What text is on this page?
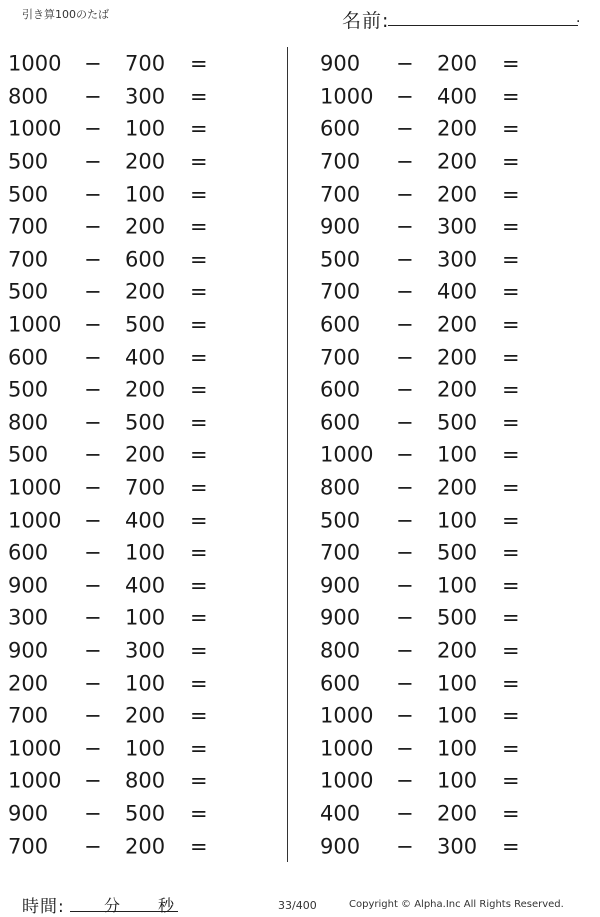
引き算100のたば	名前:	.
1000 − 700 =
800 − 300 =
1000 − 100 =
500 − 200 =
500 − 100 =
700 − 200 =
700 − 600 =
500 − 200 =
1000 − 500 =
600 − 400 =
500 − 200 =
800 − 500 =
500 − 200 =
1000 − 700 =
1000 − 400 =
600 − 100 =
900 − 400 =
300 − 100 =
900 − 300 =
200 − 100 =
700 − 200 =
1000 − 100 =
1000 − 800 =
900 − 500 =
700 − 200 =
900 − 200 =
1000 − 400 =
600 − 200 =
700 − 200 =
700 − 200 =
900 − 300 =
500 − 300 =
700 − 400 =
600 − 200 =
700 − 200 =
600 − 200 =
600 − 500 =
1000 − 100 =
800 − 200 =
500 − 100 =
700 − 500 =
900 − 100 =
900 − 500 =
800 − 200 =
600 − 100 =
1000 − 100 =
1000 − 100 =
1000 − 100 =
400 − 200 =
900 − 300 =
時間: 分 秒	33/400	Copyright © Alpha.Inc All Rights Reserved.
